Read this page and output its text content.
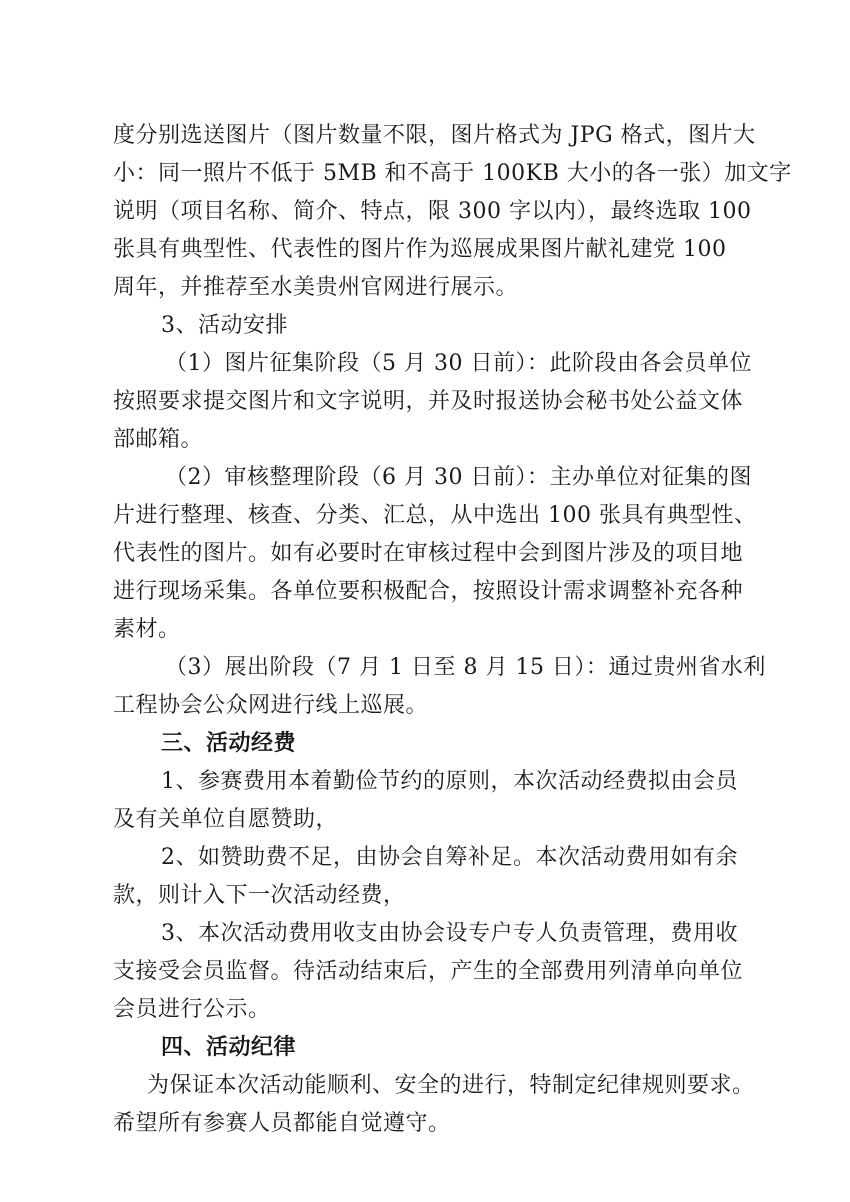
度分别选送图片（图片数量不限，图片格式为 JPG 格式，图片大
小：同一照片不低于 5MB 和不高于 100KB 大小的各一张）加文字
说明（项目名称、简介、特点，限 300 字以内），最终选取 100
张具有典型性、代表性的图片作为巡展成果图片献礼建党 100
周年，并推荐至水美贵州官网进行展示。
3、活动安排
（1）图片征集阶段（5 月 30 日前）：此阶段由各会员单位
按照要求提交图片和文字说明，并及时报送协会秘书处公益文体
部邮箱。
（2）审核整理阶段（6 月 30 日前）：主办单位对征集的图
片进行整理、核查、分类、汇总，从中选出 100 张具有典型性、
代表性的图片。如有必要时在审核过程中会到图片涉及的项目地
进行现场采集。各单位要积极配合，按照设计需求调整补充各种
素材。
（3）展出阶段（7 月 1 日至 8 月 15 日）：通过贵州省水利
工程协会公众网进行线上巡展。
三、活动经费
1、参赛费用本着勤俭节约的原则，本次活动经费拟由会员
及有关单位自愿赞助，
2、如赞助费不足，由协会自筹补足。本次活动费用如有余
款，则计入下一次活动经费，
3、本次活动费用收支由协会设专户专人负责管理，费用收
支接受会员监督。待活动结束后，产生的全部费用列清单向单位
会员进行公示。
四、活动纪律
为保证本次活动能顺利、安全的进行，特制定纪律规则要求。
希望所有参赛人员都能自觉遵守。
